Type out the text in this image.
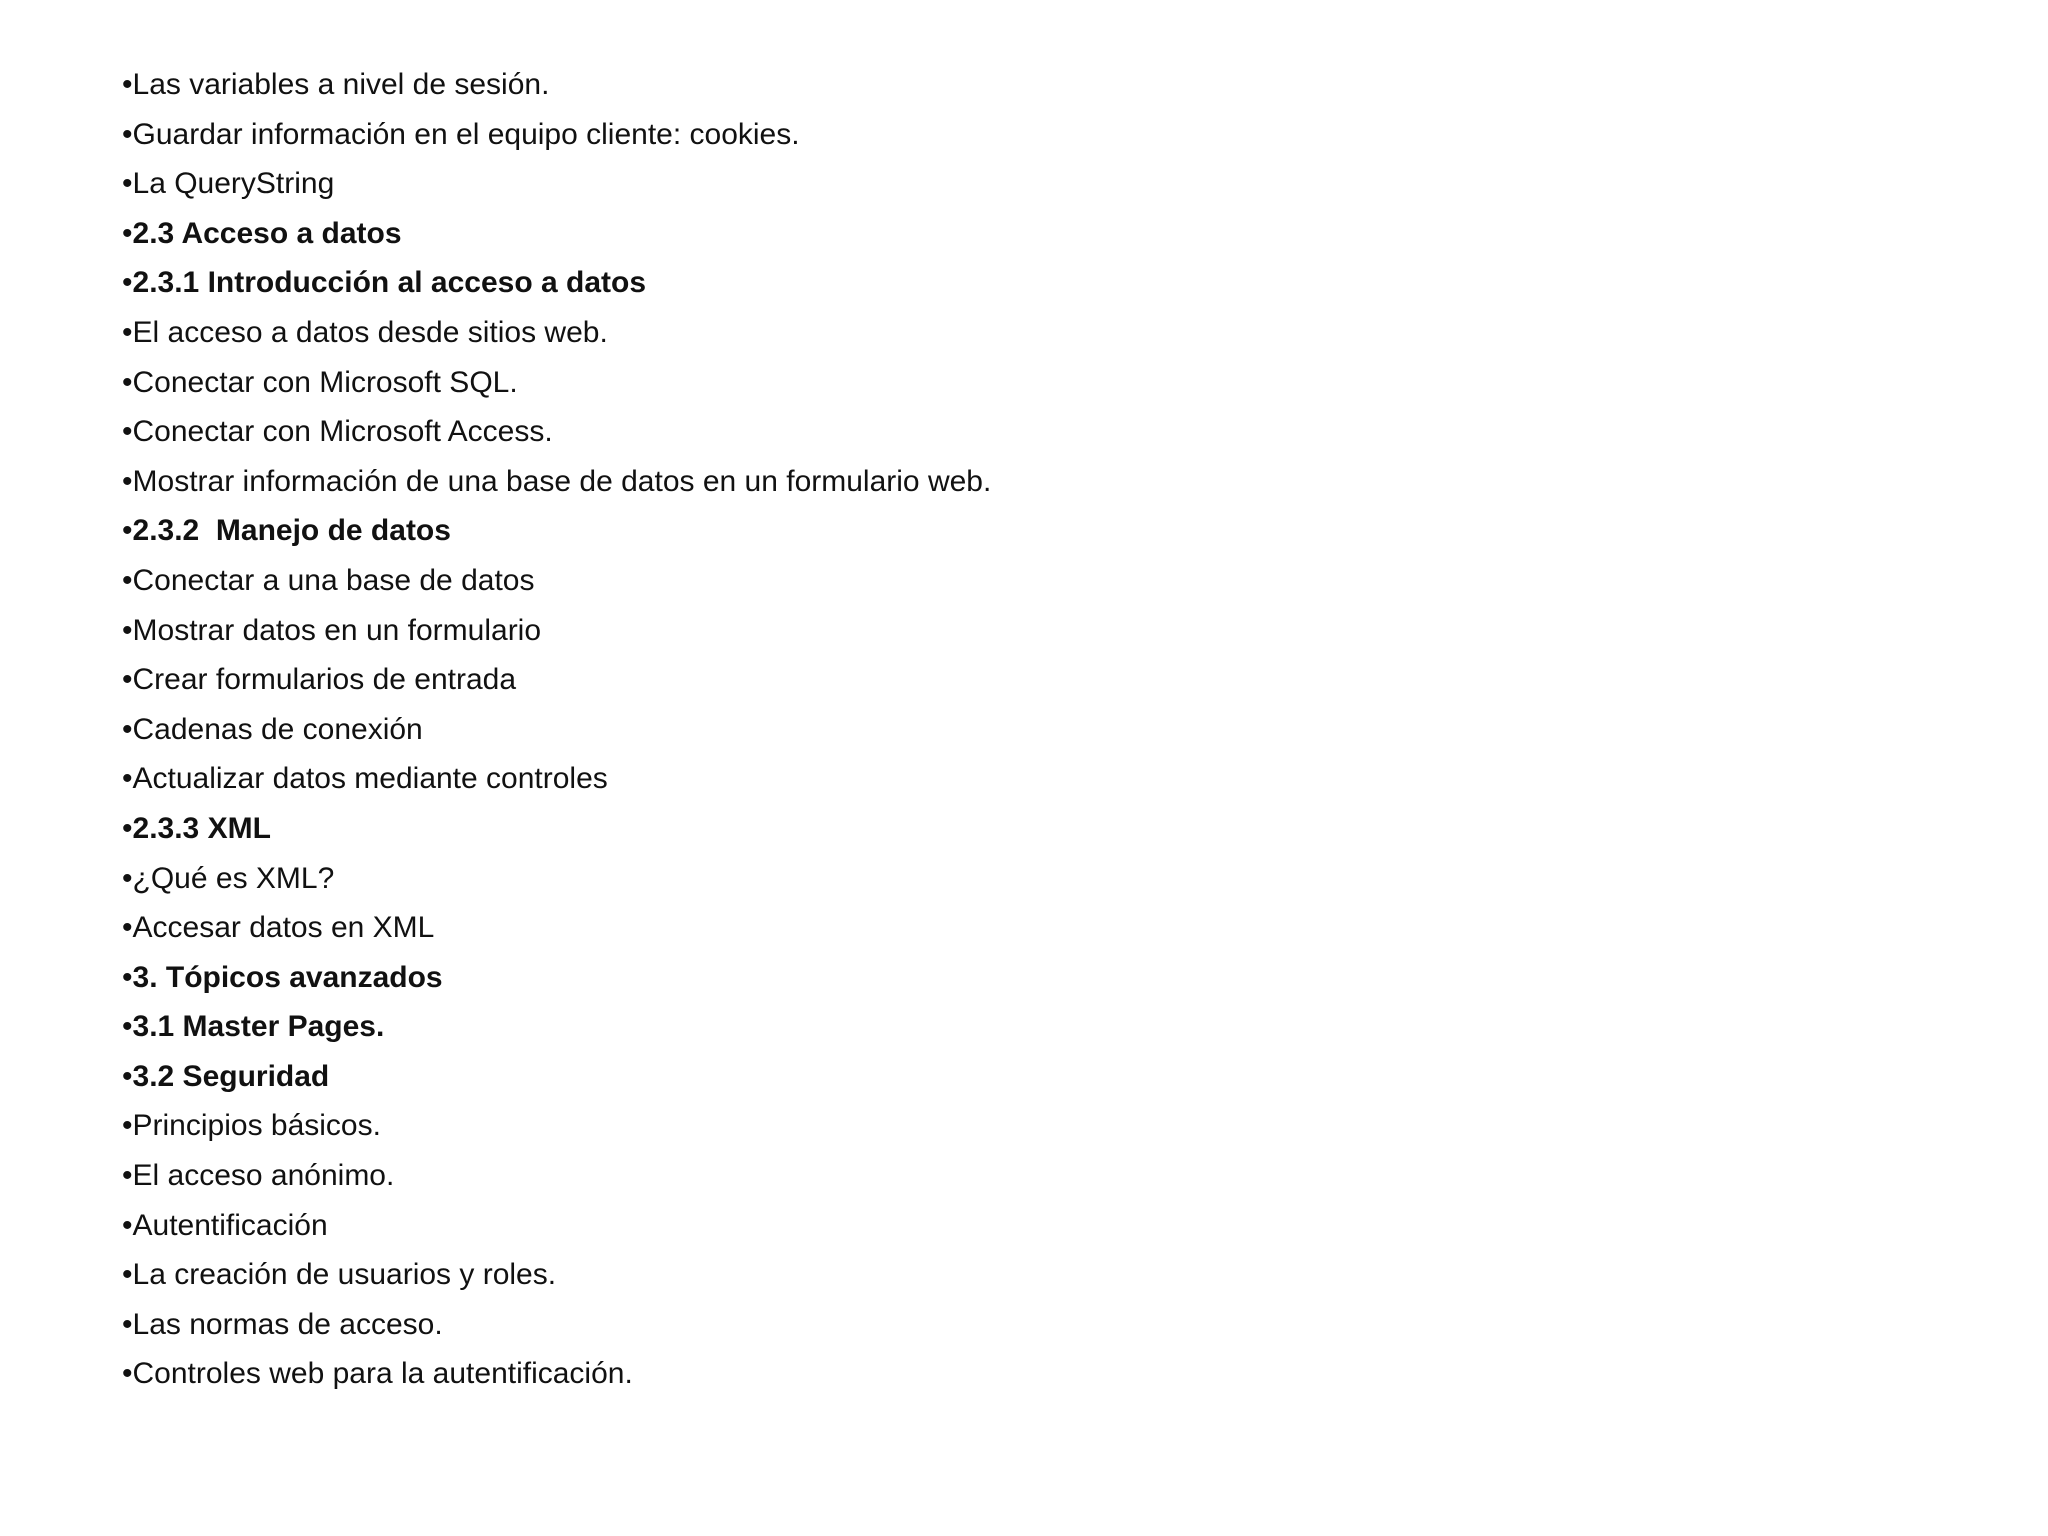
•Las variables a nivel de sesión.
•Guardar información en el equipo cliente: cookies.
•La QueryString
•2.3 Acceso a datos
•2.3.1 Introducción al acceso a datos
•El acceso a datos desde sitios web.
•Conectar con Microsoft SQL.
•Conectar con Microsoft Access.
•Mostrar información de una base de datos en un formulario web.
•2.3.2  Manejo de datos
•Conectar a una base de datos
•Mostrar datos en un formulario
•Crear formularios de entrada
•Cadenas de conexión
•Actualizar datos mediante controles
•2.3.3 XML
•¿Qué es XML?
•Accesar datos en XML
•3. Tópicos avanzados
•3.1 Master Pages.
•3.2 Seguridad
•Principios básicos.
•El acceso anónimo.
•Autentificación
•La creación de usuarios y roles.
•Las normas de acceso.
•Controles web para la autentificación.
